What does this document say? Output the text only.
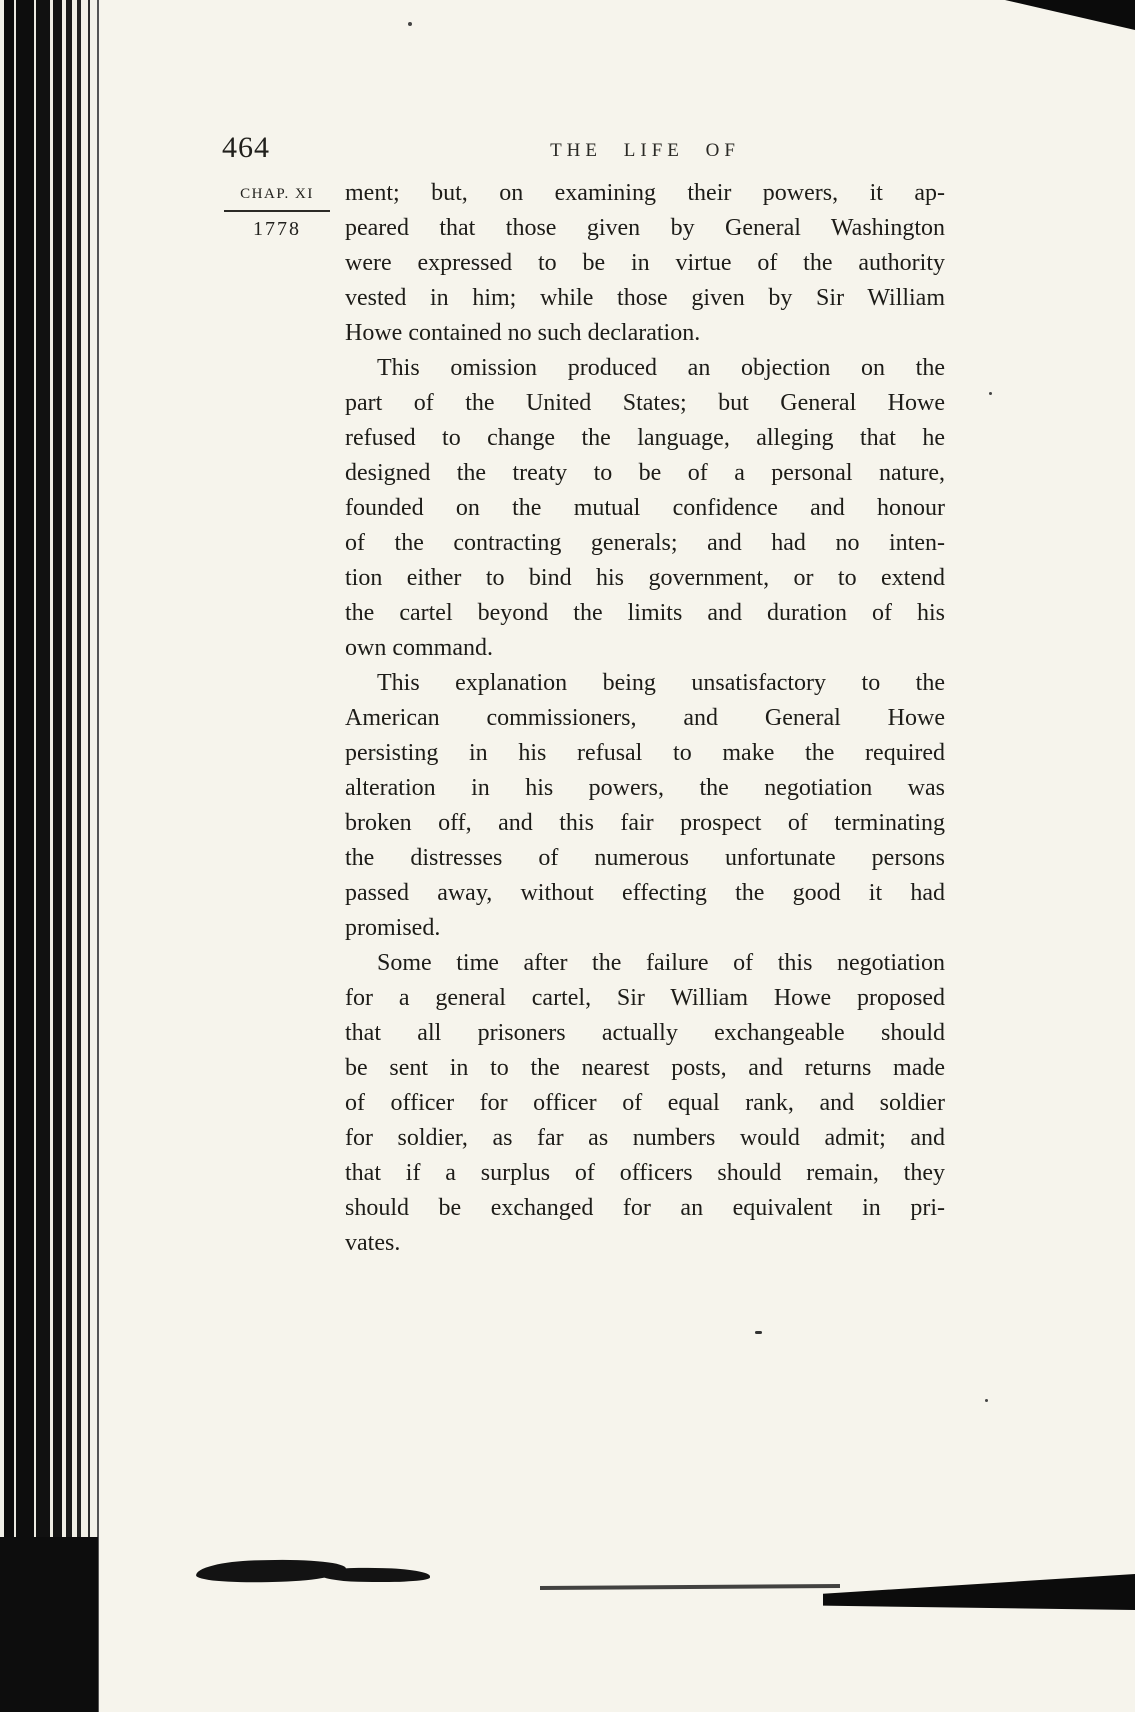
464	THE LIFE OF
CHAP. XI
1778
ment; but, on examining their powers, it ap-
peared that those given by General Washington
were expressed to be in virtue of the authority
vested in him; while those given by Sir William
Howe contained no such declaration.
This omission produced an objection on the
part of the United States; but General Howe
refused to change the language, alleging that he
designed the treaty to be of a personal nature,
founded on the mutual confidence and honour
of the contracting generals; and had no inten-
tion either to bind his government, or to extend
the cartel beyond the limits and duration of his
own command.
This explanation being unsatisfactory to the
American commissioners, and General Howe
persisting in his refusal to make the required
alteration in his powers, the negotiation was
broken off, and this fair prospect of terminating
the distresses of numerous unfortunate persons
passed away, without effecting the good it had
promised.
Some time after the failure of this negotiation
for a general cartel, Sir William Howe proposed
that all prisoners actually exchangeable should
be sent in to the nearest posts, and returns made
of officer for officer of equal rank, and soldier
for soldier, as far as numbers would admit; and
that if a surplus of officers should remain, they
should be exchanged for an equivalent in pri-
vates.
